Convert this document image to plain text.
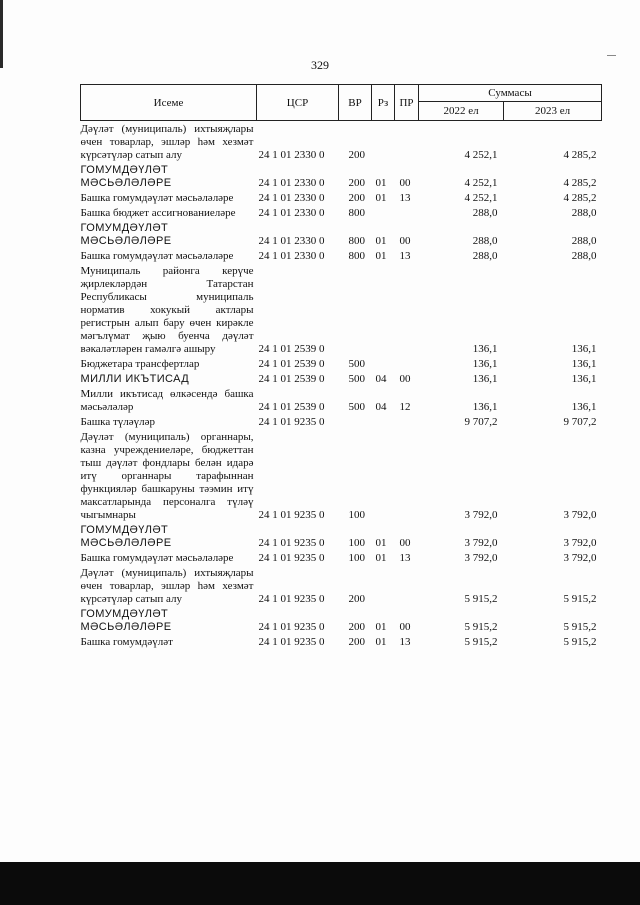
329
Исеме	ЦСР	ВР	Рз	ПР	Суммасы	
					2022 ел	2023 ел
Дәүләт (муниципаль) ихтыяҗлары өчен товарлар, эшләр һәм хезмәт күрсәтүләр сатып алу	24 1 01 2330 0	200			4 252,1	4 285,2
ГОМУМДӘҮЛӘТ МӘСЬӘЛӘЛӘРЕ	24 1 01 2330 0	200	01	00	4 252,1	4 285,2
Башка гомумдәүләт мәсьәләләре	24 1 01 2330 0	200	01	13	4 252,1	4 285,2
Башка бюджет ассигнованиеләре	24 1 01 2330 0	800			288,0	288,0
ГОМУМДӘҮЛӘТ МӘСЬӘЛӘЛӘРЕ	24 1 01 2330 0	800	01	00	288,0	288,0
Башка гомумдәүләт мәсьәләләре	24 1 01 2330 0	800	01	13	288,0	288,0
Муниципаль районга керүче җирлекләрдән Татарстан Республикасы муниципаль норматив хокукый актлары регистрын алып бару өчен кирәкле мәгълүмат җыю буенча дәүләт вәкаләтләрен гамәлгә ашыру	24 1 01 2539 0				136,1	136,1
Бюджетара трансфертлар	24 1 01 2539 0	500			136,1	136,1
МИЛЛИ ИКЪТИСАД	24 1 01 2539 0	500	04	00	136,1	136,1
Милли икътисад өлкәсендә башка мәсьәләләр	24 1 01 2539 0	500	04	12	136,1	136,1
Башка түләүләр	24 1 01 9235 0				9 707,2	9 707,2
Дәүләт (муниципаль) органнары, казна учреждениеләре, бюджеттан тыш дәүләт фондлары белән идарә итү органнары тарафыннан функцияләр башкаруны тәэмин итү максатларында персоналга түләү чыгымнары	24 1 01 9235 0	100			3 792,0	3 792,0
ГОМУМДӘҮЛӘТ МӘСЬӘЛӘЛӘРЕ	24 1 01 9235 0	100	01	00	3 792,0	3 792,0
Башка гомумдәүләт мәсьәләләре	24 1 01 9235 0	100	01	13	3 792,0	3 792,0
Дәүләт (муниципаль) ихтыяҗлары өчен товарлар, эшләр һәм хезмәт күрсәтүләр сатып алу	24 1 01 9235 0	200			5 915,2	5 915,2
ГОМУМДӘҮЛӘТ МӘСЬӘЛӘЛӘРЕ	24 1 01 9235 0	200	01	00	5 915,2	5 915,2
Башка гомумдәүләт	24 1 01 9235 0	200	01	13	5 915,2	5 915,2
